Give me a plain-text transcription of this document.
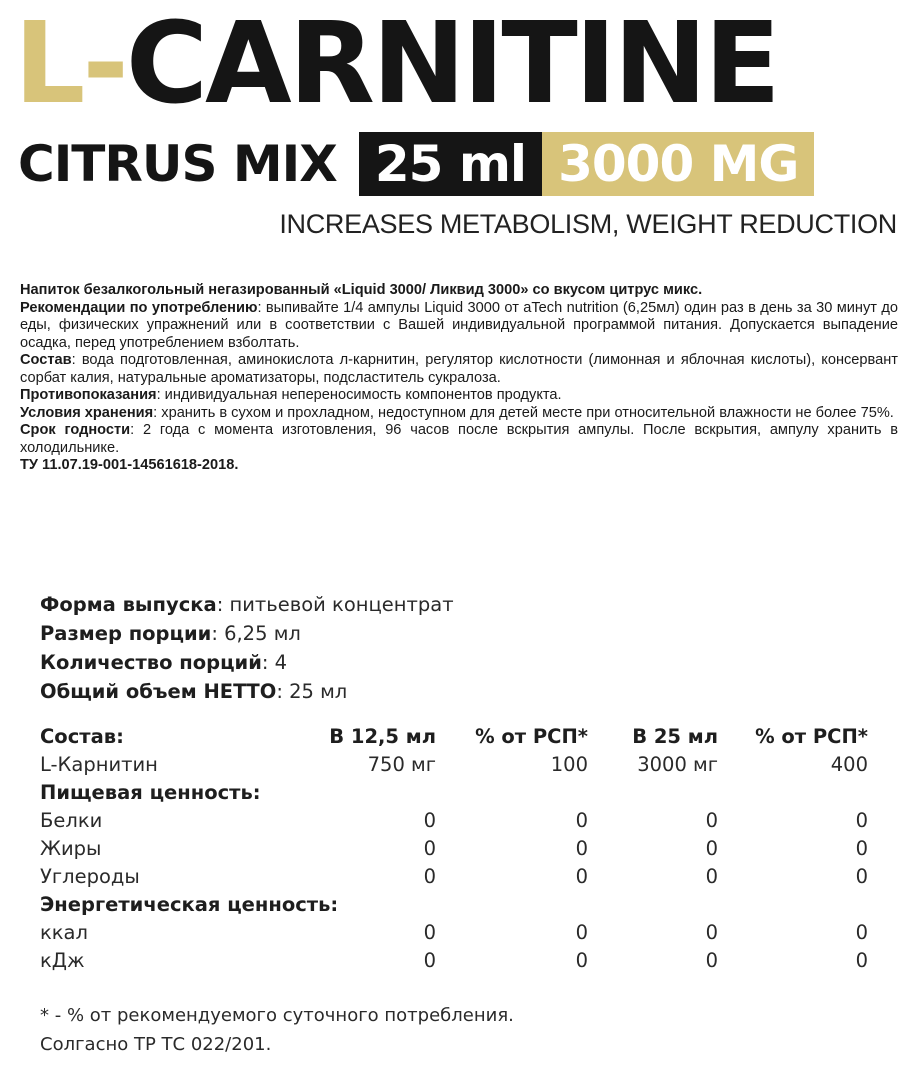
L-CARNITINE
CITRUS MIX 25 ml 3000 MG
INCREASES METABOLISM, WEIGHT REDUCTION

Напиток безалкогольный негазированный «Liquid 3000/ Ликвид 3000» со вкусом цитрус микс.

Рекомендации по употреблению: выпивайте 1/4 ампулы Liquid 3000 от aTech nutrition (6,25мл) один раз в день за 30 минут до еды, физических упражнений или в соответствии с Вашей индивидуальной программой питания. Допускается выпадение осадка, перед употреблением взболтать.

Состав: вода подготовленная, аминокислота л-карнитин, регулятор кислотности (лимонная и яблочная кислоты), консервант сорбат калия, натуральные ароматизаторы, подсластитель сукралоза.

Противопоказания: индивидуальная непереносимость компонентов продукта.

Условия хранения: хранить в сухом и прохладном, недоступном для детей месте при относительной влажности не более 75%.

Срок годности: 2 года с момента изготовления, 96 часов после вскрытия ампулы. После вскрытия, ампулу хранить в холодильнике.

ТУ 11.07.19-001-14561618-2018.

Форма выпуска: питьевой концентрат
Размер порции: 6,25 мл
Количество порций: 4
Общий объем НЕТТО: 25 мл
Состав:	В 12,5 мл	% от РСП*	В 25 мл	% от РСП*
L-Карнитин	750 мг	100	3000 мг	400
Пищевая ценность:
Белки	0	0	0	0
Жиры	0	0	0	0
Углероды	0	0	0	0
Энергетическая ценность:
ккал	0	0	0	0
кДж	0	0	0	0
* - % от рекомендуемого суточного потребления.
Солгасно ТР ТС 022/201.
